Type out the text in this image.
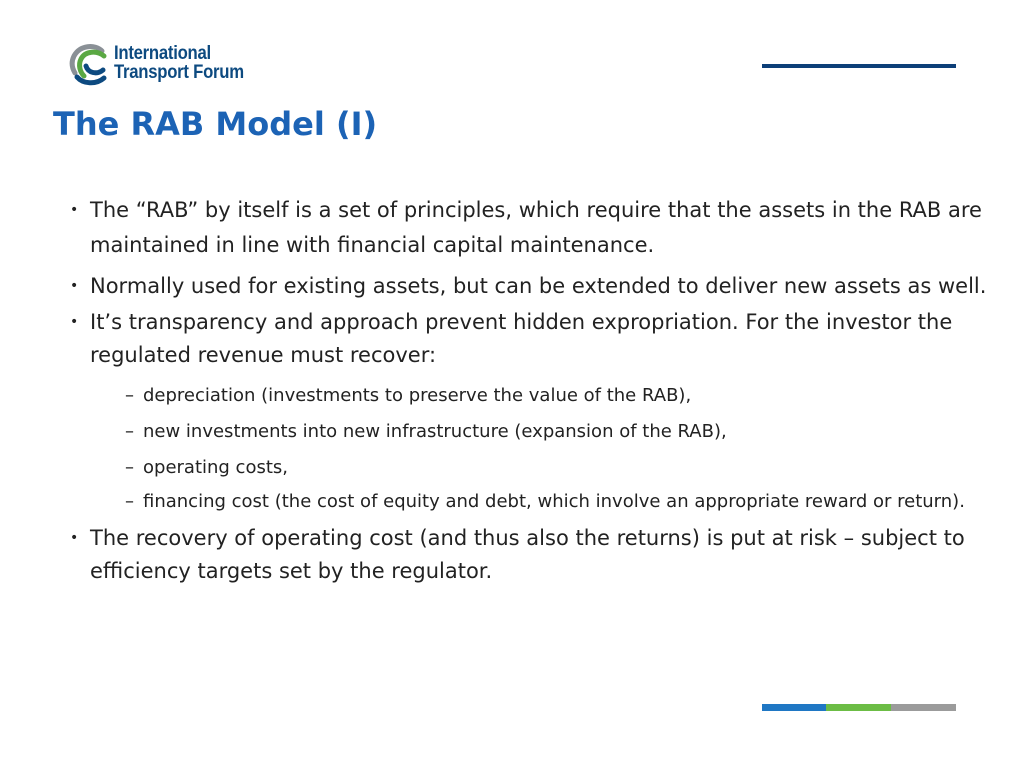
International
Transport Forum
The RAB Model (I)
• The “RAB” by itself is a set of principles, which require that the assets in the RAB are maintained in line with financial capital maintenance.
• Normally used for existing assets, but can be extended to deliver new assets as well.
• It’s transparency and approach prevent hidden expropriation. For the investor the regulated revenue must recover:
– depreciation (investments to preserve the value of the RAB),
– new investments into new infrastructure (expansion of the RAB),
– operating costs,
– financing cost (the cost of equity and debt, which involve an appropriate reward or return).
• The recovery of operating cost (and thus also the returns) is put at risk – subject to efficiency targets set by the regulator.
